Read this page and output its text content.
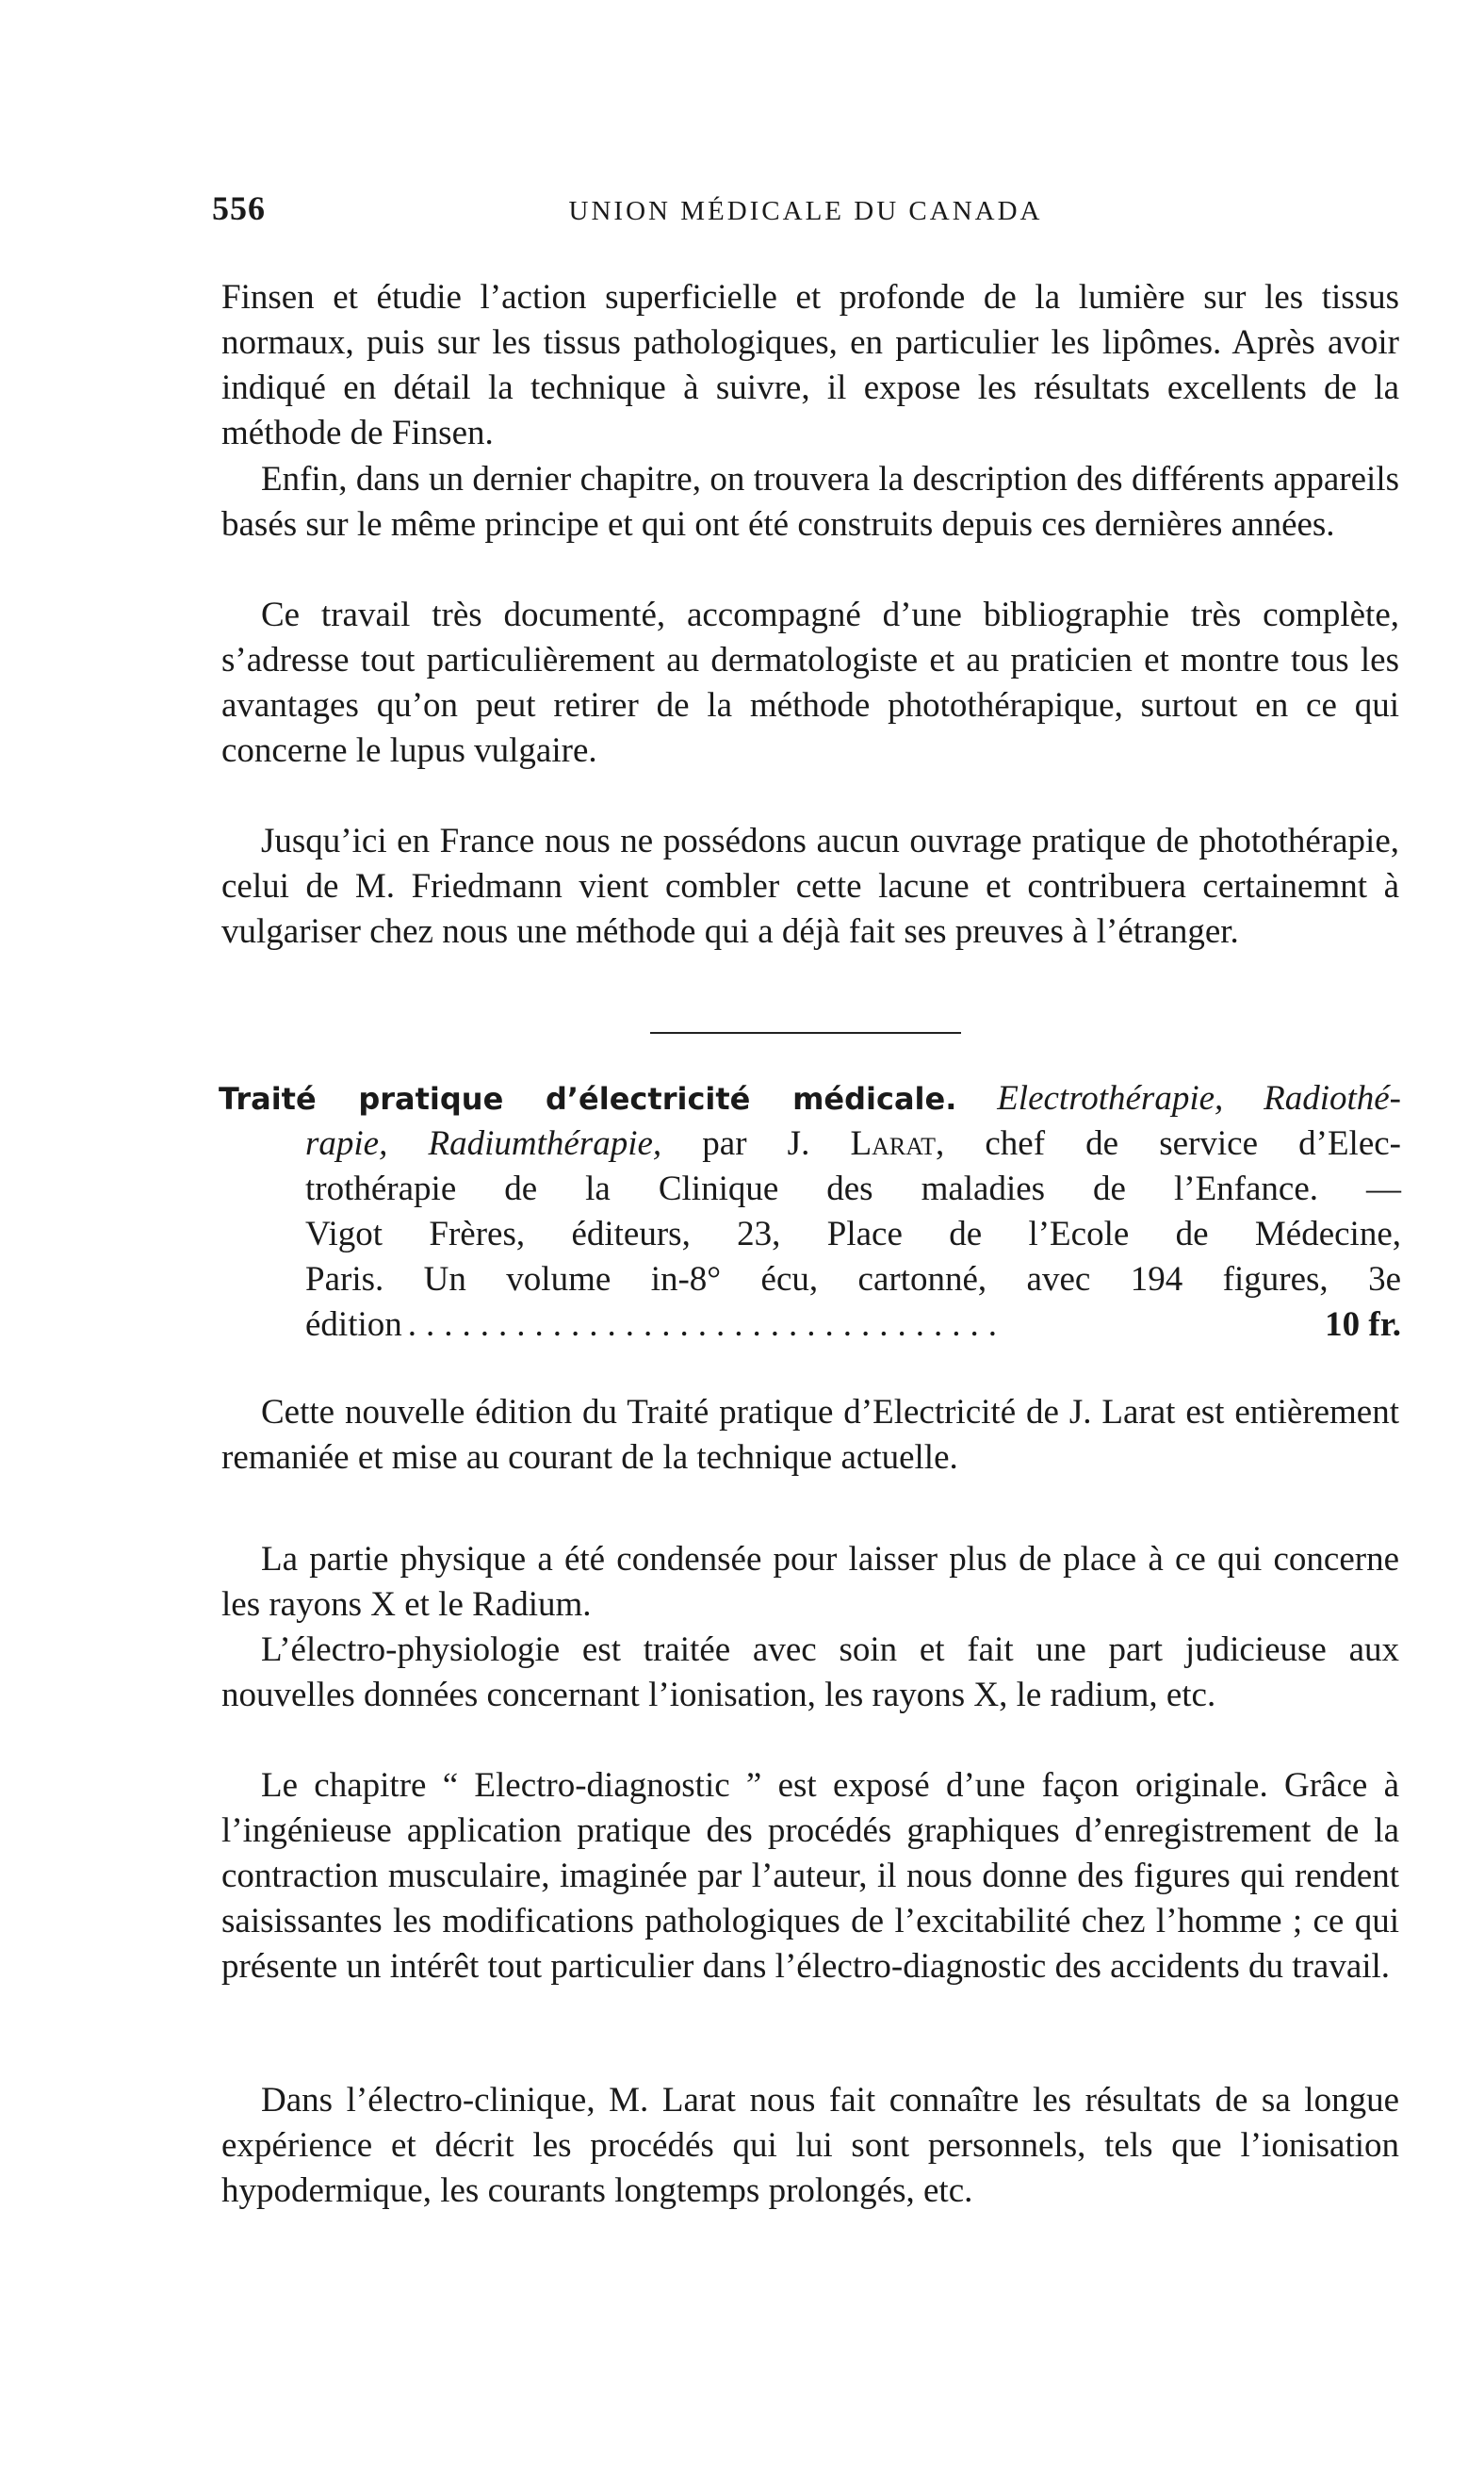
556	UNION MÉDICALE DU CANADA

Finsen et étudie l’action superficielle et profonde de la lumière sur les tissus normaux, puis sur les tissus pathologiques, en particulier les lipômes. Après avoir indiqué en détail la technique à suivre, il expose les résultats excellents de la méthode de Finsen.

Enfin, dans un dernier chapitre, on trouvera la description des différents appareils basés sur le même principe et qui ont été construits depuis ces dernières années.

Ce travail très documenté, accompagné d’une bibliographie très complète, s’adresse tout particulièrement au dermatologiste et au praticien et montre tous les avantages qu’on peut retirer de la méthode photothérapique, surtout en ce qui concerne le lupus vulgaire.

Jusqu’ici en France nous ne possédons aucun ouvrage pratique de photothérapie, celui de M. Friedmann vient combler cette lacune et contribuera certainemnt à vulgariser chez nous une méthode qui a déjà fait ses preuves à l’étranger.

Traité pratique d’électricité médicale. Electrothérapie, Radiothé-
rapie, Radiumthérapie, par J. Larat, chef de service d’Elec-
trothérapie de la Clinique des maladies de l’Enfance. —
Vigot Frères, éditeurs, 23, Place de l’Ecole de Médecine,
Paris. Un volume in-8° écu, cartonné, avec 194 figures, 3e
édition .................................	10 fr.

Cette nouvelle édition du Traité pratique d’Electricité de J. Larat est entièrement remaniée et mise au courant de la technique actuelle.

La partie physique a été condensée pour laisser plus de place à ce qui concerne les rayons X et le Radium.

L’électro-physiologie est traitée avec soin et fait une part judicieuse aux nouvelles données concernant l’ionisation, les rayons X, le radium, etc.

Le chapitre “ Electro-diagnostic ” est exposé d’une façon originale. Grâce à l’ingénieuse application pratique des procédés graphiques d’enregistrement de la contraction musculaire, imaginée par l’auteur, il nous donne des figures qui rendent saisissantes les modifications pathologiques de l’excitabilité chez l’homme ; ce qui présente un intérêt tout particulier dans l’électro-diagnostic des accidents du travail.

Dans l’électro-clinique, M. Larat nous fait connaître les résultats de sa longue expérience et décrit les procédés qui lui sont personnels, tels que l’ionisation hypodermique, les courants longtemps prolongés, etc.
